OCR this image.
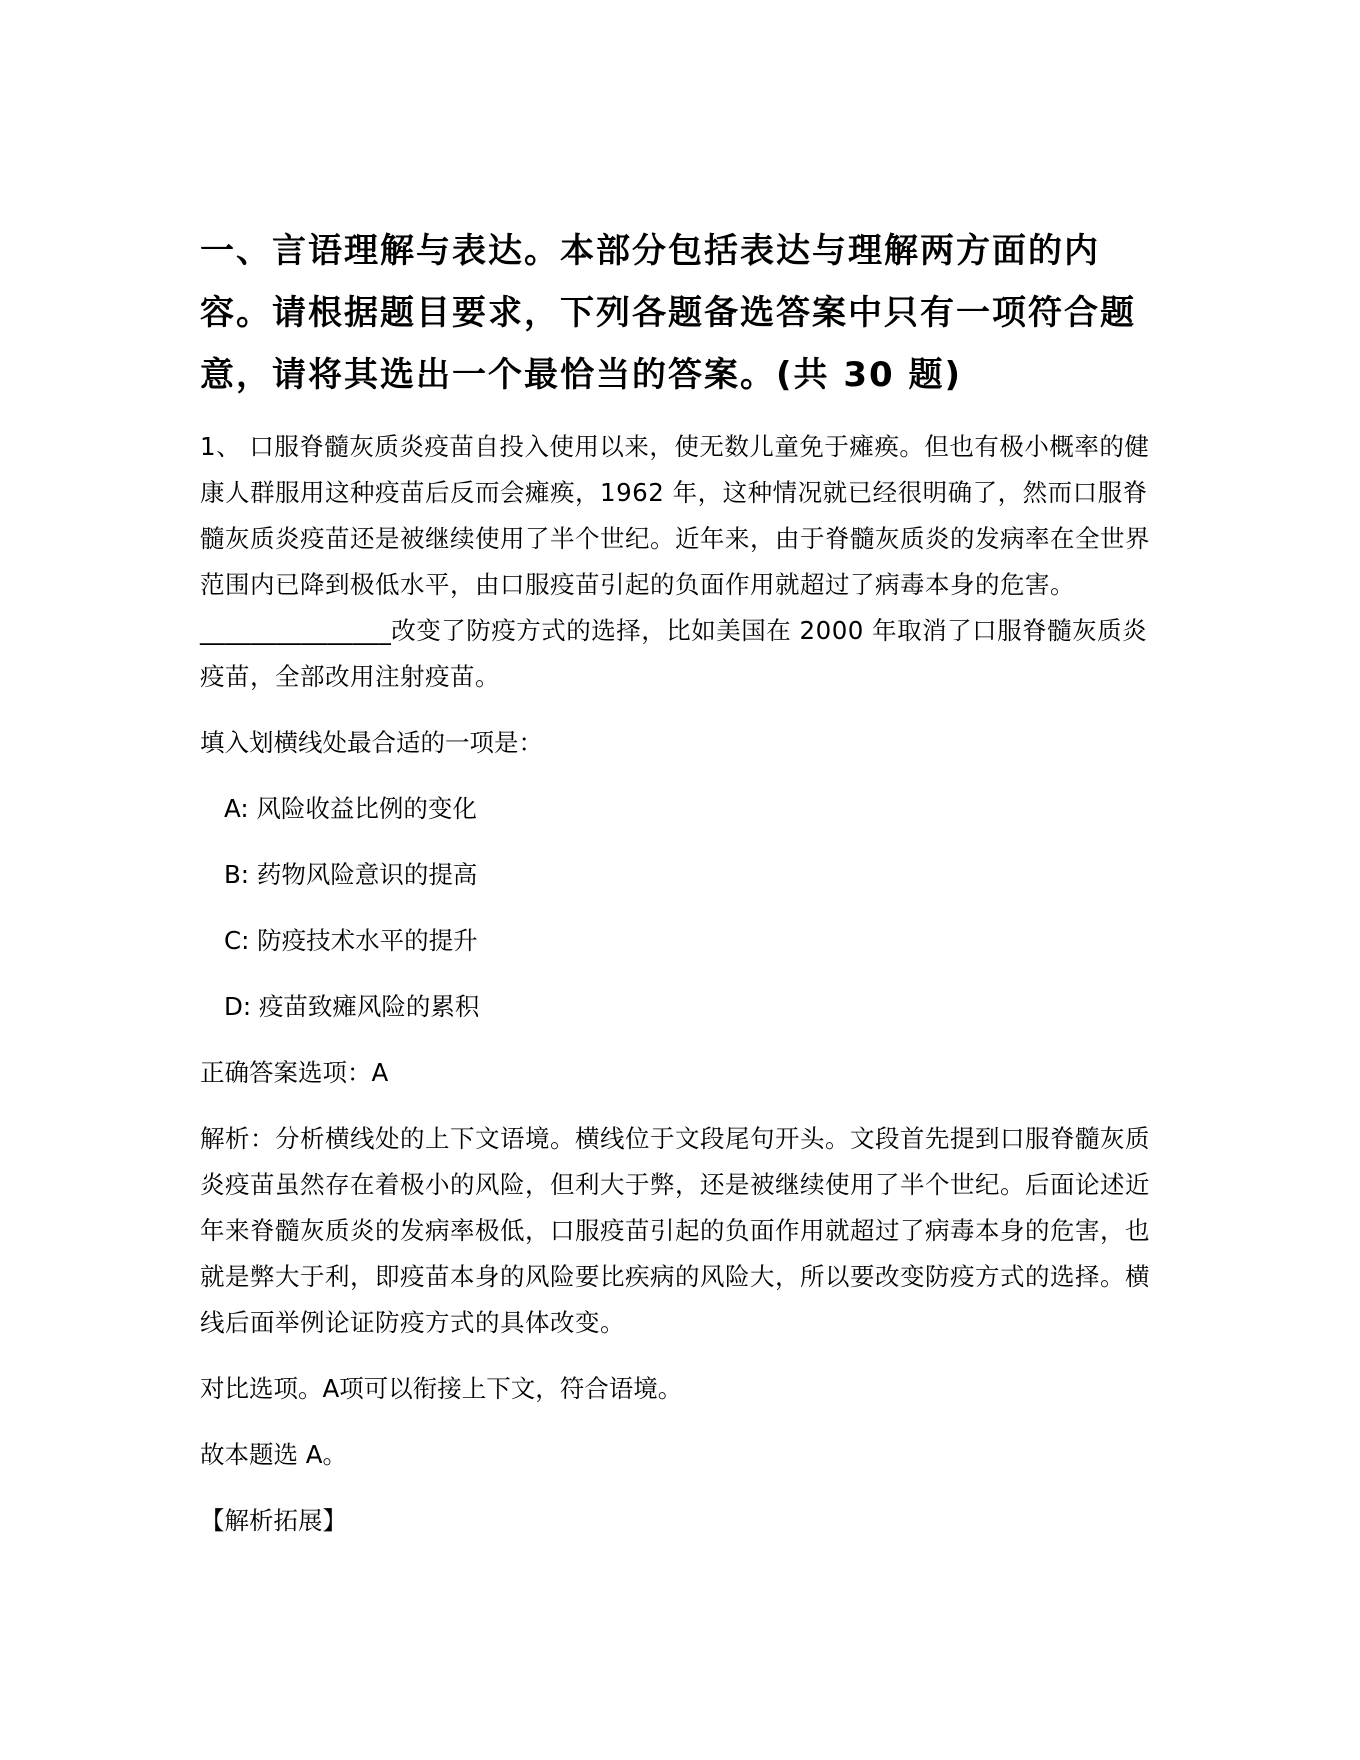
一、言语理解与表达。本部分包括表达与理解两方面的内容。请根据题目要求，下列各题备选答案中只有一项符合题意，请将其选出一个最恰当的答案。(共 30 题)

1、 口服脊髓灰质炎疫苗自投入使用以来，使无数儿童免于瘫痪。但也有极小概率的健康人群服用这种疫苗后反而会瘫痪，1962 年，这种情况就已经很明确了，然而口服脊髓灰质炎疫苗还是被继续使用了半个世纪。近年来，由于脊髓灰质炎的发病率在全世界范围内已降到极低水平，由口服疫苗引起的负面作用就超过了病毒本身的危害。_______________改变了防疫方式的选择，比如美国在 2000 年取消了口服脊髓灰质炎疫苗，全部改用注射疫苗。

填入划横线处最合适的一项是：

A: 风险收益比例的变化
B: 药物风险意识的提高
C: 防疫技术水平的提升
D: 疫苗致瘫风险的累积

正确答案选项：A

解析：分析横线处的上下文语境。横线位于文段尾句开头。文段首先提到口服脊髓灰质炎疫苗虽然存在着极小的风险，但利大于弊，还是被继续使用了半个世纪。后面论述近年来脊髓灰质炎的发病率极低，口服疫苗引起的负面作用就超过了病毒本身的危害，也就是弊大于利，即疫苗本身的风险要比疾病的风险大，所以要改变防疫方式的选择。横线后面举例论证防疫方式的具体改变。

对比选项。A项可以衔接上下文，符合语境。

故本题选 A。

【解析拓展】
